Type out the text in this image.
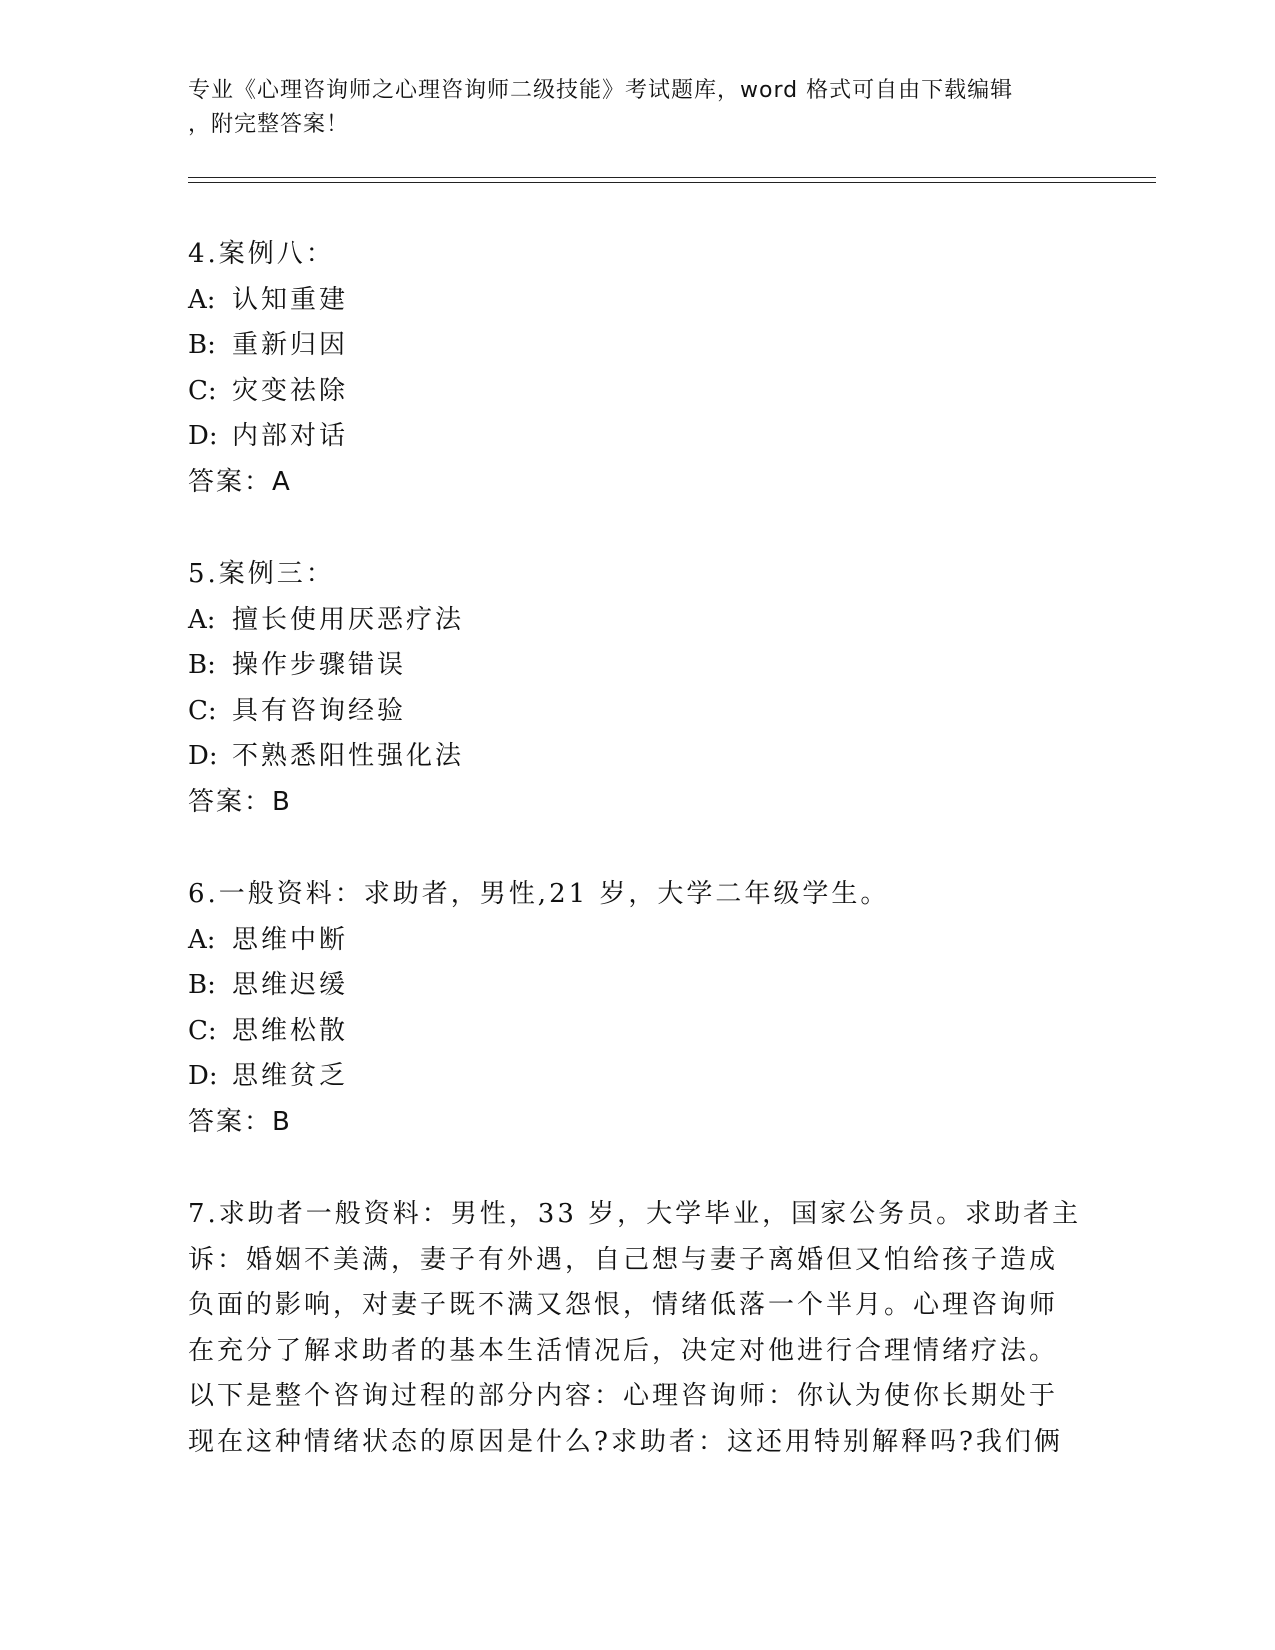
专业《心理咨询师之心理咨询师二级技能》考试题库，word 格式可自由下载编辑
，附完整答案！
4.案例八：
A: 认知重建
B: 重新归因
C: 灾变祛除
D: 内部对话
答案：A
5.案例三：
A: 擅长使用厌恶疗法
B: 操作步骤错误
C: 具有咨询经验
D: 不熟悉阳性强化法
答案：B
6.一般资料：求助者，男性,21 岁，大学二年级学生。
A: 思维中断
B: 思维迟缓
C: 思维松散
D: 思维贫乏
答案：B
7.求助者一般资料：男性，33 岁，大学毕业，国家公务员。求助者主
诉：婚姻不美满，妻子有外遇，自己想与妻子离婚但又怕给孩子造成
负面的影响，对妻子既不满又怨恨，情绪低落一个半月。心理咨询师
在充分了解求助者的基本生活情况后，决定对他进行合理情绪疗法。
以下是整个咨询过程的部分内容：心理咨询师：你认为使你长期处于
现在这种情绪状态的原因是什么?求助者：这还用特别解释吗?我们俩
